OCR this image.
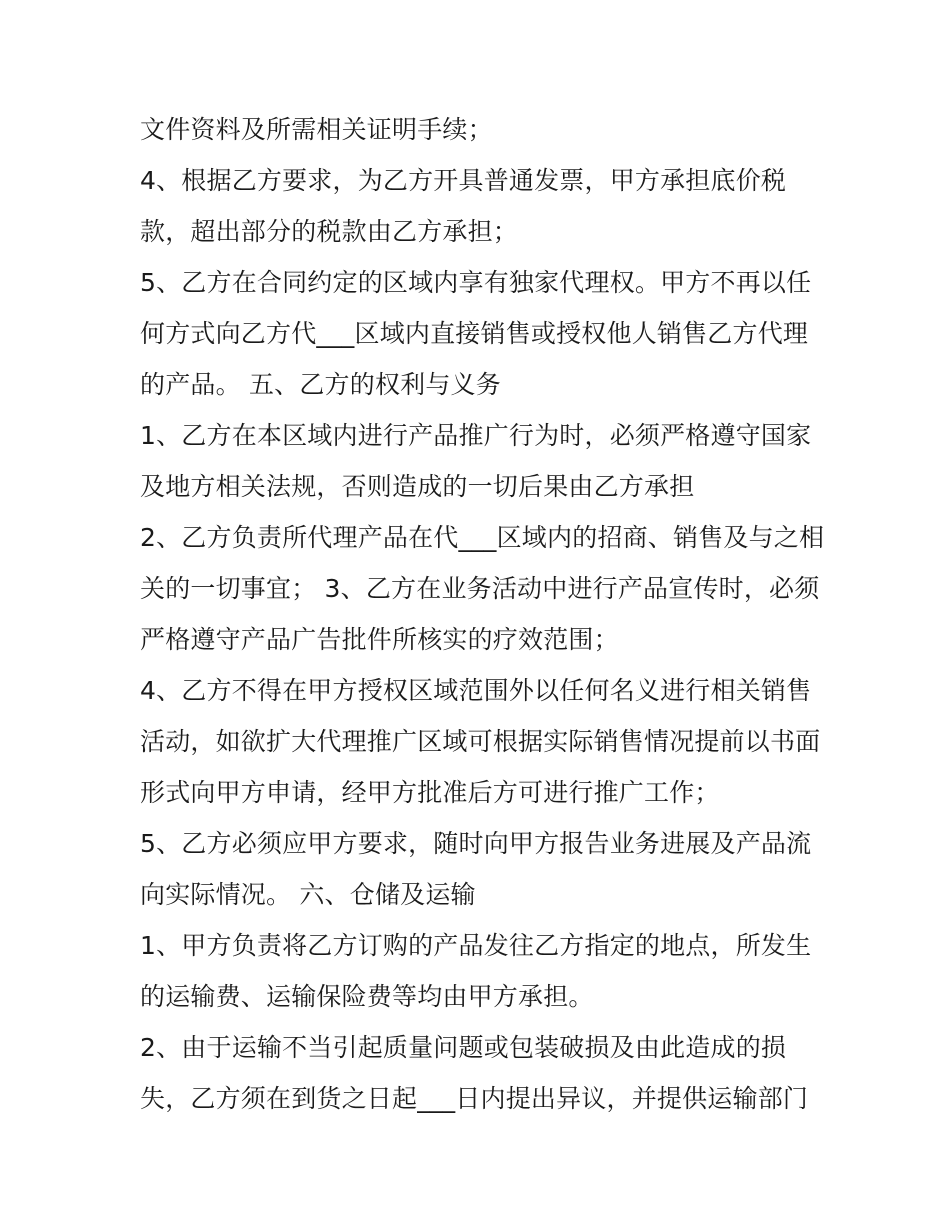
文件资料及所需相关证明手续；
4、根据乙方要求，为乙方开具普通发票，甲方承担底价税
款，超出部分的税款由乙方承担；
5、乙方在合同约定的区域内享有独家代理权。甲方不再以任
何方式向乙方代___区域内直接销售或授权他人销售乙方代理
的产品。 五、乙方的权利与义务
1、乙方在本区域内进行产品推广行为时，必须严格遵守国家
及地方相关法规，否则造成的一切后果由乙方承担
2、乙方负责所代理产品在代___区域内的招商、销售及与之相
关的一切事宜； 3、乙方在业务活动中进行产品宣传时，必须
严格遵守产品广告批件所核实的疗效范围；
4、乙方不得在甲方授权区域范围外以任何名义进行相关销售
活动，如欲扩大代理推广区域可根据实际销售情况提前以书面
形式向甲方申请，经甲方批准后方可进行推广工作；
5、乙方必须应甲方要求，随时向甲方报告业务进展及产品流
向实际情况。 六、仓储及运输
1、甲方负责将乙方订购的产品发往乙方指定的地点，所发生
的运输费、运输保险费等均由甲方承担。
2、由于运输不当引起质量问题或包装破损及由此造成的损
失，乙方须在到货之日起___日内提出异议，并提供运输部门
